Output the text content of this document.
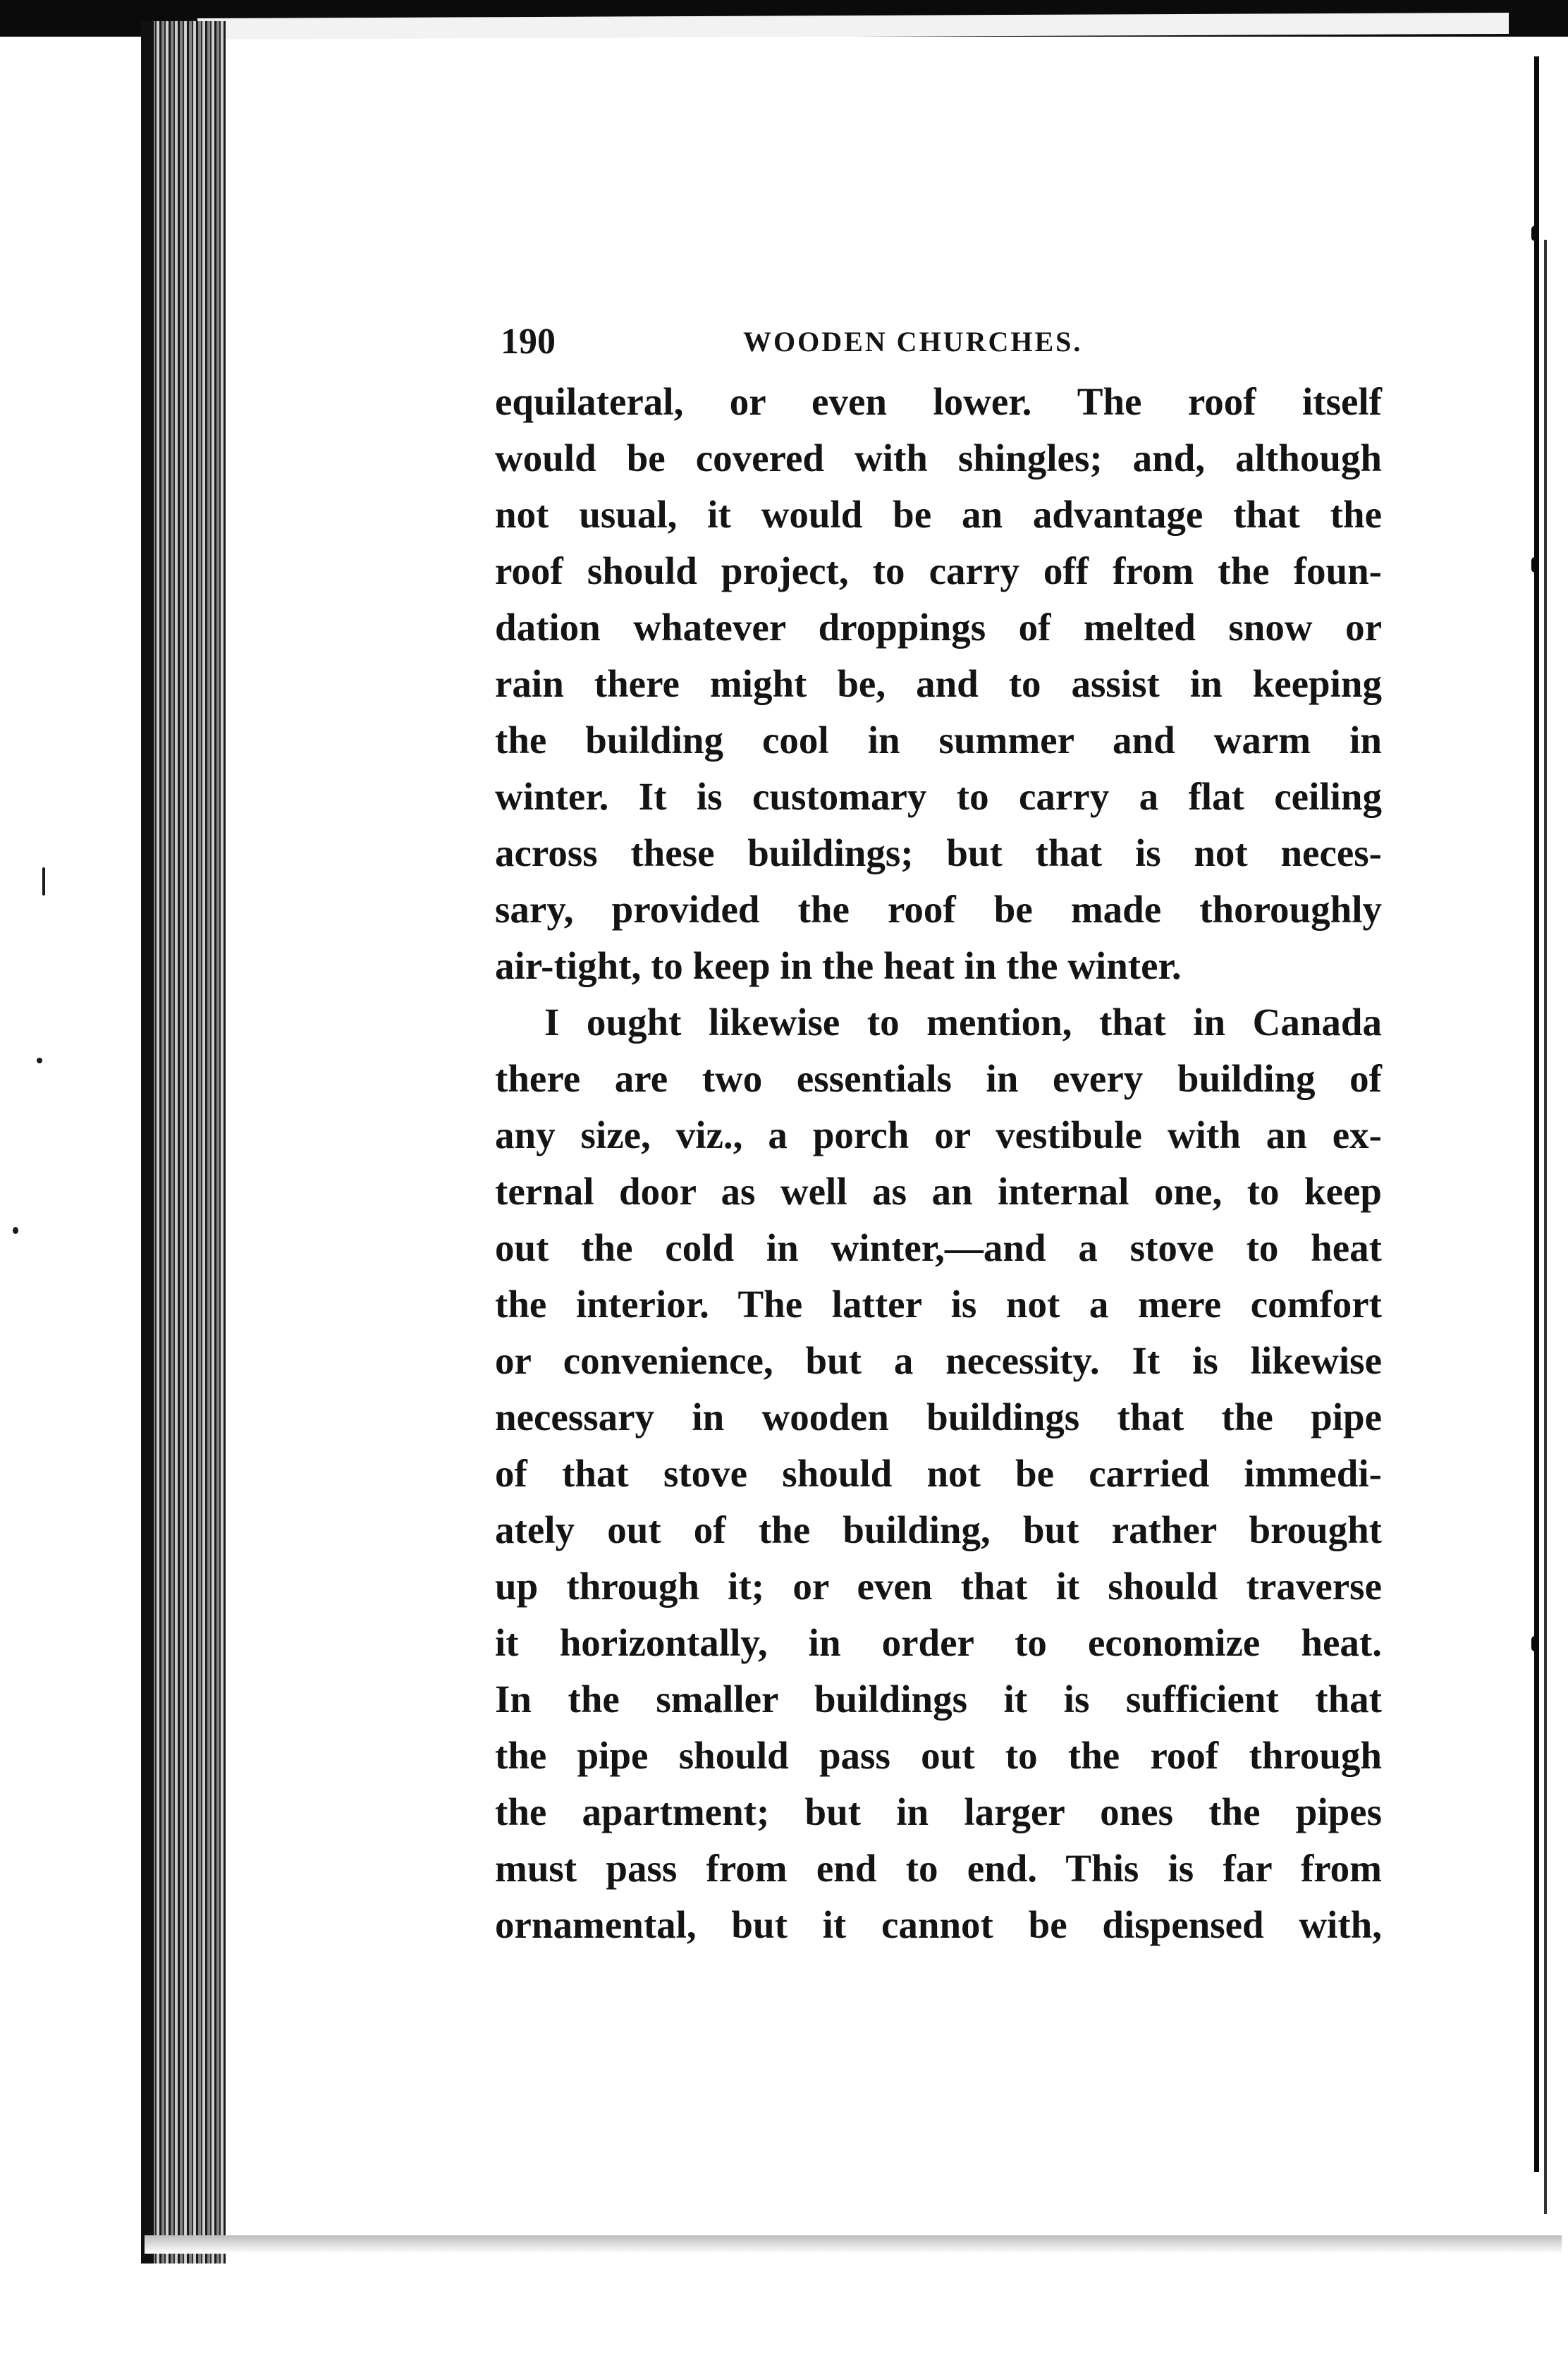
190	WOODEN CHURCHES.
equilateral, or even lower. The roof itself
would be covered with shingles; and, although
not usual, it would be an advantage that the
roof should project, to carry off from the foun-
dation whatever droppings of melted snow or
rain there might be, and to assist in keeping
the building cool in summer and warm in
winter. It is customary to carry a flat ceiling
across these buildings; but that is not neces-
sary, provided the roof be made thoroughly
air-tight, to keep in the heat in the winter.
I ought likewise to mention, that in Canada
there are two essentials in every building of
any size, viz., a porch or vestibule with an ex-
ternal door as well as an internal one, to keep
out the cold in winter,—and a stove to heat
the interior. The latter is not a mere comfort
or convenience, but a necessity. It is likewise
necessary in wooden buildings that the pipe
of that stove should not be carried immedi-
ately out of the building, but rather brought
up through it; or even that it should traverse
it horizontally, in order to economize heat.
In the smaller buildings it is sufficient that
the pipe should pass out to the roof through
the apartment; but in larger ones the pipes
must pass from end to end. This is far from
ornamental, but it cannot be dispensed with,
